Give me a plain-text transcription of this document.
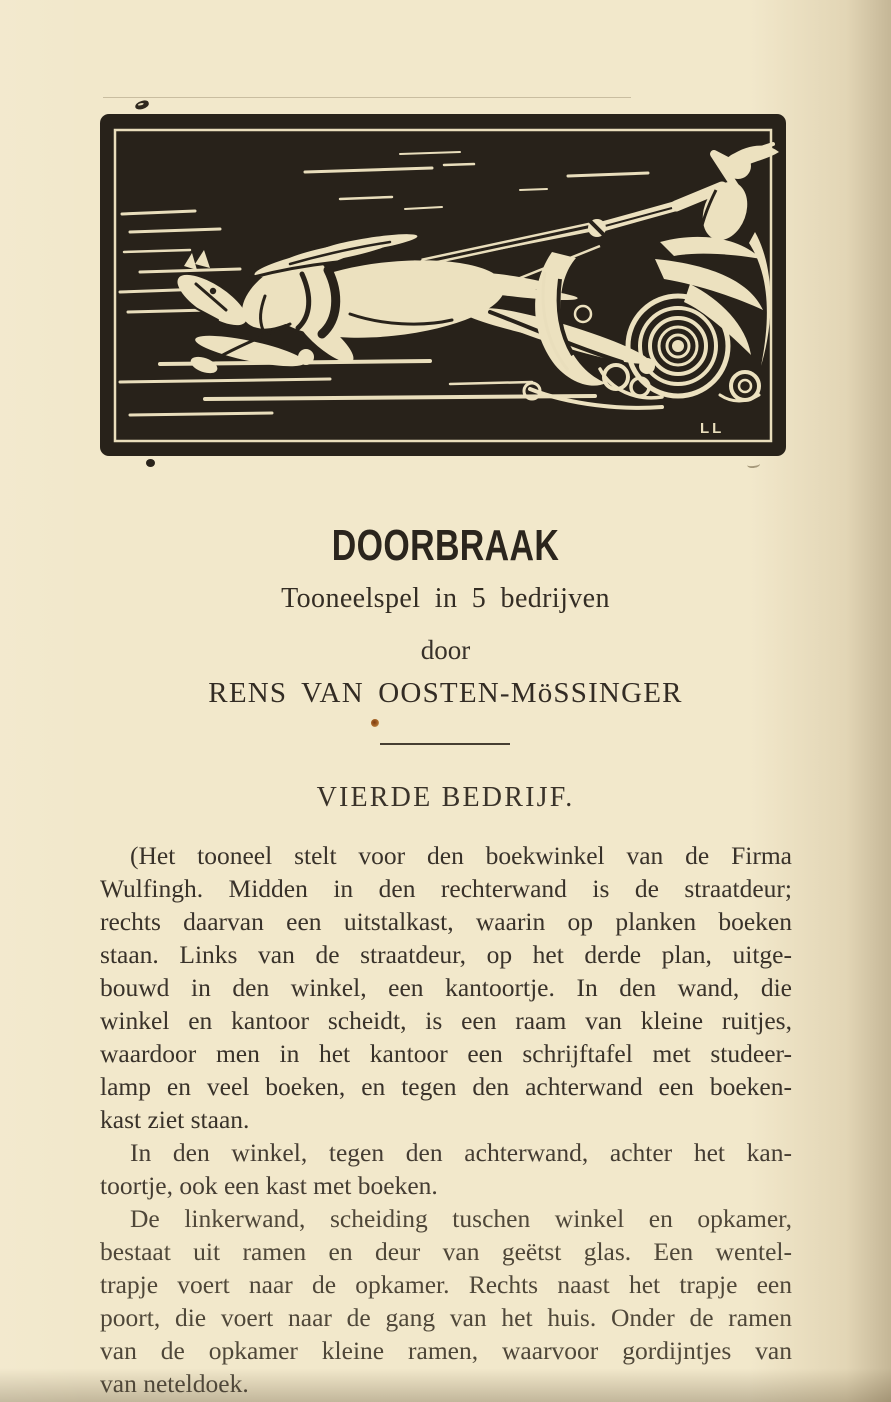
LL
DOORBRAAK
Tooneelspel in 5 bedrijven
door
RENS VAN OOSTEN-MöSSINGER
VIERDE BEDRIJF.
(Het tooneel stelt voor den boekwinkel van de Firma
Wulfingh. Midden in den rechterwand is de straatdeur;
rechts daarvan een uitstalkast, waarin op planken boeken
staan. Links van de straatdeur, op het derde plan, uitge-
bouwd in den winkel, een kantoortje. In den wand, die
winkel en kantoor scheidt, is een raam van kleine ruitjes,
waardoor men in het kantoor een schrijftafel met studeer-
lamp en veel boeken, en tegen den achterwand een boeken-
kast ziet staan.
In den winkel, tegen den achterwand, achter het kan-
toortje, ook een kast met boeken.
De linkerwand, scheiding tuschen winkel en opkamer,
bestaat uit ramen en deur van geëtst glas. Een wentel-
trapje voert naar de opkamer. Rechts naast het trapje een
poort, die voert naar de gang van het huis. Onder de ramen
van de opkamer kleine ramen, waarvoor gordijntjes van
van neteldoek.
